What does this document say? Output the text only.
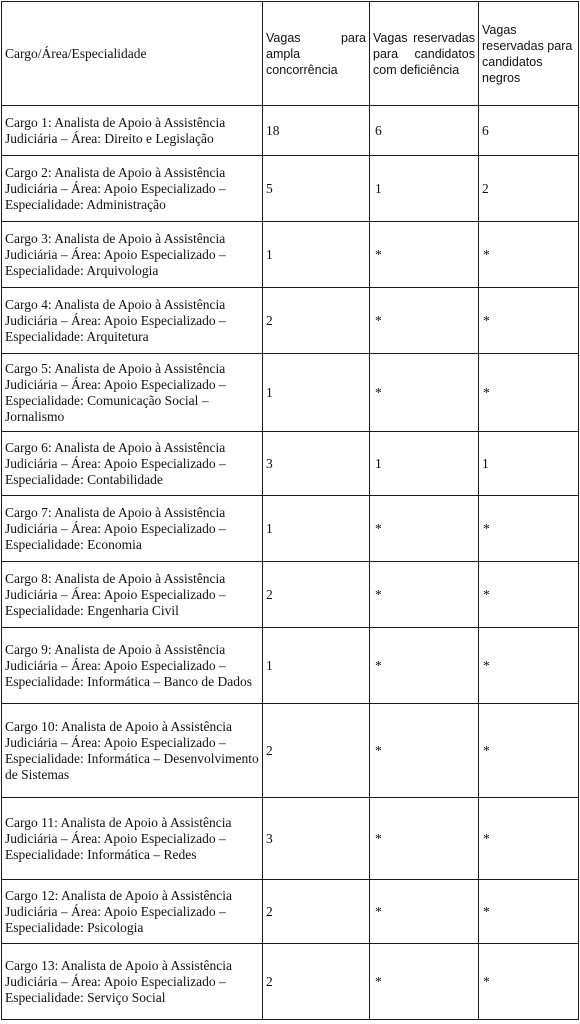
Cargo/Área/Especialidade	Vagas para ampla concorrência	Vagas reservadas para candidatos com deficiência	Vagas reservadas para candidatos negros
Cargo 1: Analista de Apoio à Assistência Judiciária – Área: Direito e Legislação	18	6	6
Cargo 2: Analista de Apoio à Assistência Judiciária – Área: Apoio Especializado – Especialidade: Administração	5	1	2
Cargo 3: Analista de Apoio à Assistência Judiciária – Área: Apoio Especializado – Especialidade: Arquivologia	1	*	*
Cargo 4: Analista de Apoio à Assistência Judiciária – Área: Apoio Especializado – Especialidade: Arquitetura	2	*	*
Cargo 5: Analista de Apoio à Assistência Judiciária – Área: Apoio Especializado – Especialidade: Comunicação Social – Jornalismo	1	*	*
Cargo 6: Analista de Apoio à Assistência Judiciária – Área: Apoio Especializado – Especialidade: Contabilidade	3	1	1
Cargo 7: Analista de Apoio à Assistência Judiciária – Área: Apoio Especializado – Especialidade: Economia	1	*	*
Cargo 8: Analista de Apoio à Assistência Judiciária – Área: Apoio Especializado – Especialidade: Engenharia Civil	2	*	*
Cargo 9: Analista de Apoio à Assistência Judiciária – Área: Apoio Especializado – Especialidade: Informática – Banco de Dados	1	*	*
Cargo 10: Analista de Apoio à Assistência Judiciária – Área: Apoio Especializado – Especialidade: Informática – Desenvolvimento de Sistemas	2	*	*
Cargo 11: Analista de Apoio à Assistência Judiciária – Área: Apoio Especializado – Especialidade: Informática – Redes	3	*	*
Cargo 12: Analista de Apoio à Assistência Judiciária – Área: Apoio Especializado – Especialidade: Psicologia	2	*	*
Cargo 13: Analista de Apoio à Assistência Judiciária – Área: Apoio Especializado – Especialidade: Serviço Social	2	*	*
